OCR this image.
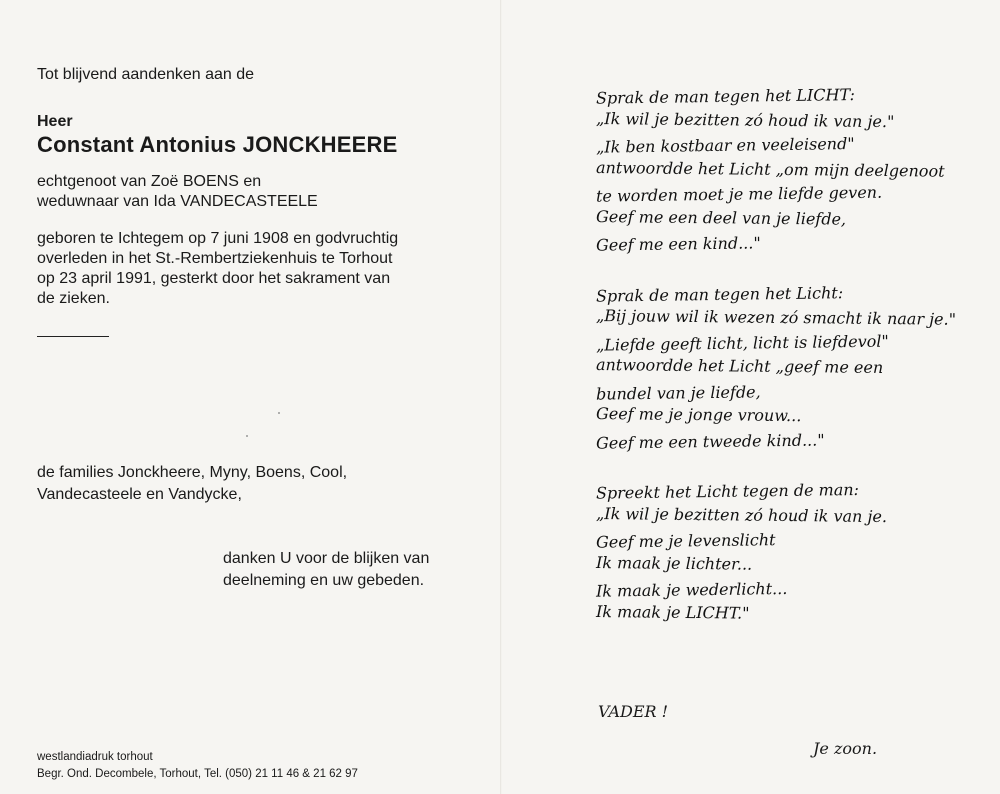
Tot blijvend aandenken aan de
Heer
Constant Antonius JONCKHEERE
echtgenoot van Zoë BOENS en
weduwnaar van Ida VANDECASTEELE
geboren te Ichtegem op 7 juni 1908 en godvruchtig
overleden in het St.-Rembertziekenhuis te Torhout
op 23 april 1991, gesterkt door het sakrament van
de zieken.
de families Jonckheere, Myny, Boens, Cool,
Vandecasteele en Vandycke,
danken U voor de blijken van
deelneming en uw gebeden.
westlandiadruk torhout
Begr. Ond. Decombele, Torhout, Tel. (050) 21 11 46 & 21 62 97
Sprak de man tegen het LICHT:
„Ik wil je bezitten zó houd ik van je."
„Ik ben kostbaar en veeleisend"
antwoordde het Licht „om mijn deelgenoot
te worden moet je me liefde geven.
Geef me een deel van je liefde,
Geef me een kind..."
Sprak de man tegen het Licht:
„Bij jouw wil ik wezen zó smacht ik naar je."
„Liefde geeft licht, licht is liefdevol"
antwoordde het Licht „geef me een
bundel van je liefde,
Geef me je jonge vrouw...
Geef me een tweede kind..."
Spreekt het Licht tegen de man:
„Ik wil je bezitten zó houd ik van je.
Geef me je levenslicht
Ik maak je lichter...
Ik maak je wederlicht...
Ik maak je LICHT."
VADER !
Je zoon.
